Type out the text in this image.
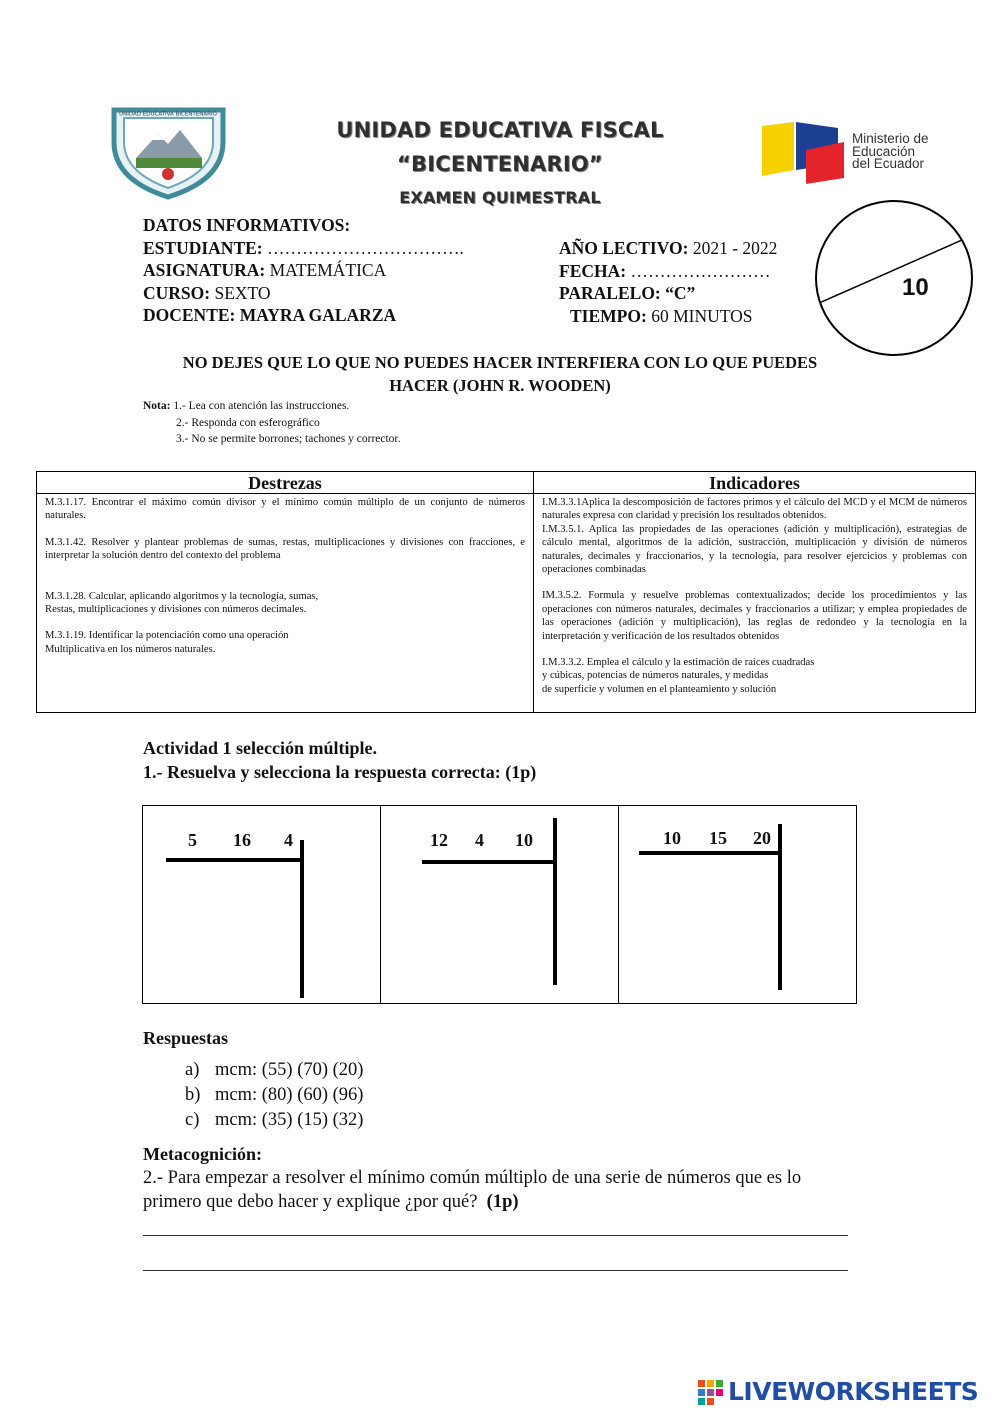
UNIDAD EDUCATIVA BICENTENARIO
UNIDAD EDUCATIVA FISCAL
“BICENTENARIO”
EXAMEN QUIMESTRAL
Ministerio de
Educación
del Ecuador
DATOS INFORMATIVOS:
ESTUDIANTE: …………………………….
ASIGNATURA: MATEMÁTICA
CURSO: SEXTO
DOCENTE: MAYRA GALARZA
AÑO LECTIVO: 2021 - 2022
FECHA: ……………………
PARALELO: “C”
TIEMPO: 60 MINUTOS
10
NO DEJES QUE LO QUE NO PUEDES HACER INTERFIERA CON LO QUE PUEDES
HACER (JOHN R. WOODEN)
Nota: 1.- Lea con atención las instrucciones.
2.- Responda con esferográfico
3.- No se permite borrones; tachones y corrector.
Destrezas

M.3.1.17. Encontrar el máximo común divisor y el mínimo común múltiplo de un conjunto de números naturales.

M.3.1.42. Resolver y plantear problemas de sumas, restas, multiplicaciones y divisiones con fracciones, e interpretar la solución dentro del contexto del problema

M.3.1.28. Calcular, aplicando algoritmos y la tecnología, sumas,

Restas, multiplicaciones y divisiones con números decimales.

M.3.1.19. Identificar la potenciación como una operación

Multiplicativa en los números naturales.

Indicadores

I.M.3.3.1Aplica la descomposición de factores primos y el cálculo del MCD y el MCM de números naturales expresa con claridad y precisión los resultados obtenidos.

I.M.3.5.1. Aplica las propiedades de las operaciones (adición y multiplicación), estrategias de cálculo mental, algoritmos de la adición, sustracción, multiplicación y división de números naturales, decimales y fraccionarios, y la tecnología, para resolver ejercicios y problemas con operaciones combinadas

IM.3.5.2. Formula y resuelve problemas contextualizados; decide los procedimientos y las operaciones con números naturales, decimales y fraccionarios a utilizar; y emplea propiedades de las operaciones (adición y multiplicación), las reglas de redondeo y la tecnología en la interpretación y verificación de los resultados obtenidos

I.M.3.3.2. Emplea el cálculo y la estimación de raíces cuadradas

y cúbicas, potencias de números naturales, y medidas

de superficie y volumen en el planteamiento y solución

Actividad 1 selección múltiple.
1.- Resuelva y selecciona la respuesta correcta: (1p)
5 16 4	12 4 10	10 15 20
Respuestas
a) mcm: (55) (70) (20)
b) mcm: (80) (60) (96)
c) mcm: (35) (15) (32)
Metacognición:
2.- Para empezar a resolver el mínimo común múltiplo de una serie de números que es lo
primero que debo hacer y explique ¿por qué? (1p)
LIVEWORKSHEETS
